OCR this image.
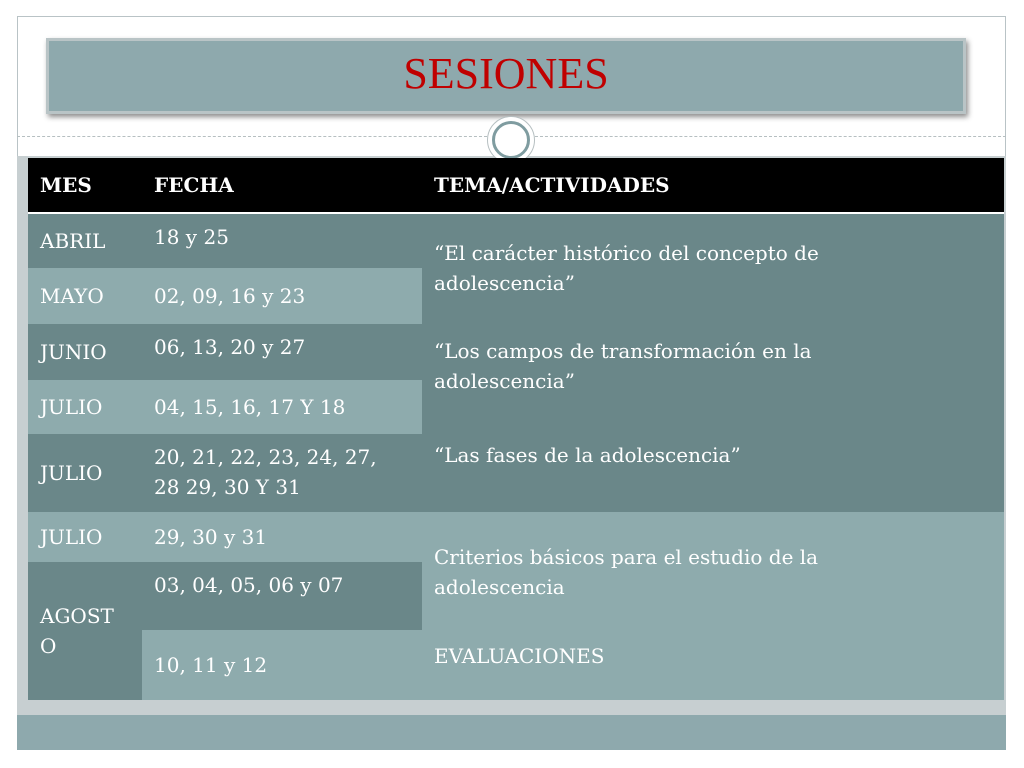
SESIONES
MES	FECHA	TEMA/ACTIVIDADES
ABRIL
MAYO
JUNIO
JULIO
JULIO
JULIO
AGOST
O
18 y 25
02, 09, 16 y 23
06, 13, 20 y 27
04, 15, 16, 17 Y 18
20, 21, 22, 23, 24, 27, 28 29, 30 Y 31
29, 30 y 31
03, 04, 05, 06 y 07
10, 11 y 12
“El carácter histórico del concepto de adolescencia”
“Los campos de transformación en la adolescencia”
“Las fases de la adolescencia”
Criterios básicos para el estudio de la adolescencia
EVALUACIONES
